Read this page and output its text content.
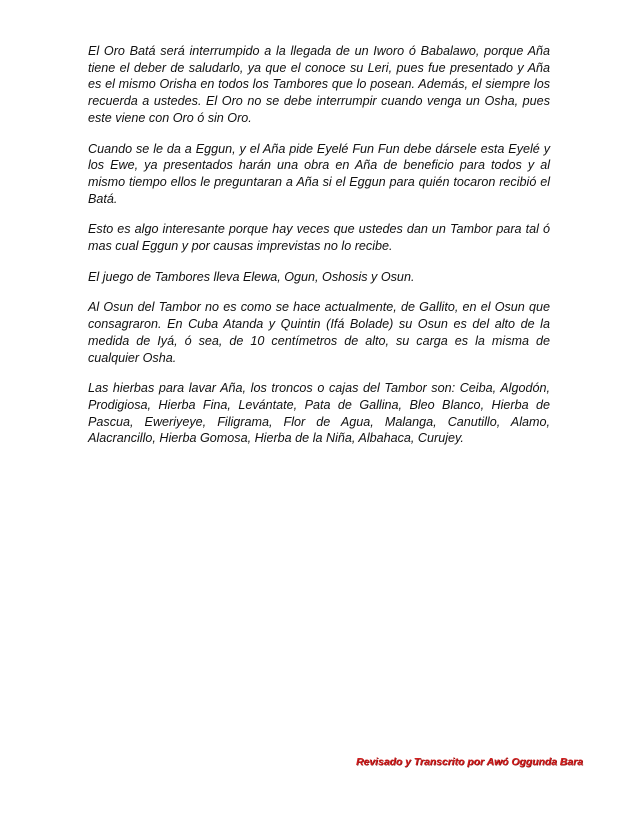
El Oro Batá será interrumpido a la llegada de un Iworo ó Babalawo, porque Aña tiene el deber de saludarlo, ya que el conoce su Leri, pues fue presentado y Aña es el mismo Orisha en todos los Tambores que lo posean. Además, el siempre los recuerda a ustedes. El Oro no se debe interrumpir cuando venga un Osha, pues este viene con Oro ó sin Oro.

Cuando se le da a Eggun, y el Aña pide Eyelé Fun Fun debe dársele esta Eyelé y los Ewe, ya presentados harán una obra en Aña de beneficio para todos y al mismo tiempo ellos le preguntaran a Aña si el Eggun para quién tocaron recibió el Batá.

Esto es algo interesante porque hay veces que ustedes dan un Tambor para tal ó mas cual Eggun y por causas imprevistas no lo recibe.

El juego de Tambores lleva Elewa, Ogun, Oshosis y Osun.

Al Osun del Tambor no es como se hace actualmente, de Gallito, en el Osun que consagraron. En Cuba Atanda y Quintin (Ifá Bolade) su Osun es del alto de la medida de Iyá, ó sea, de 10 centímetros de alto, su carga es la misma de cualquier Osha.

Las hierbas para lavar Aña, los troncos o cajas del Tambor son: Ceiba, Algodón, Prodigiosa, Hierba Fina, Levántate, Pata de Gallina, Bleo Blanco, Hierba de Pascua, Eweriyeye, Filigrama, Flor de Agua, Malanga, Canutillo, Alamo, Alacrancillo, Hierba Gomosa, Hierba de la Niña, Albahaca, Curujey.

Revisado y Transcrito por Awó Oggunda Bara
